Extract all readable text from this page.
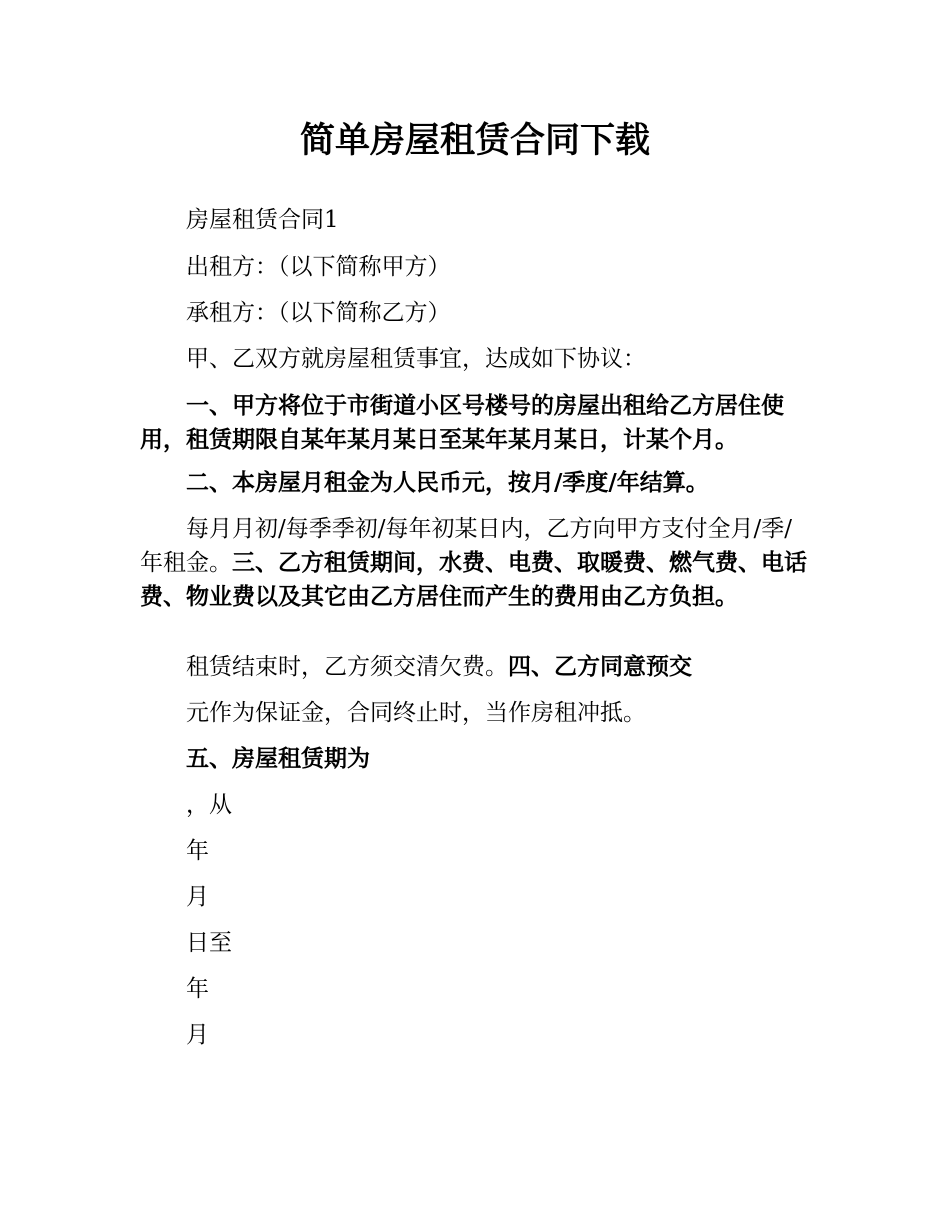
简单房屋租赁合同下载

房屋租赁合同1

出租方：（以下简称甲方）

承租方：（以下简称乙方）

甲、乙双方就房屋租赁事宜，达成如下协议：

一、甲方将位于市街道小区号楼号的房屋出租给乙方居住使用，租赁期限自某年某月某日至某年某月某日，计某个月。

二、本房屋月租金为人民币元，按月/季度/年结算。

每月月初/每季季初/每年初某日内，乙方向甲方支付全月/季/年租金。三、乙方租赁期间，水费、电费、取暖费、燃气费、电话费、物业费以及其它由乙方居住而产生的费用由乙方负担。

租赁结束时，乙方须交清欠费。四、乙方同意预交

元作为保证金，合同终止时，当作房租冲抵。

五、房屋租赁期为

，从

年

月

日至

年

月
